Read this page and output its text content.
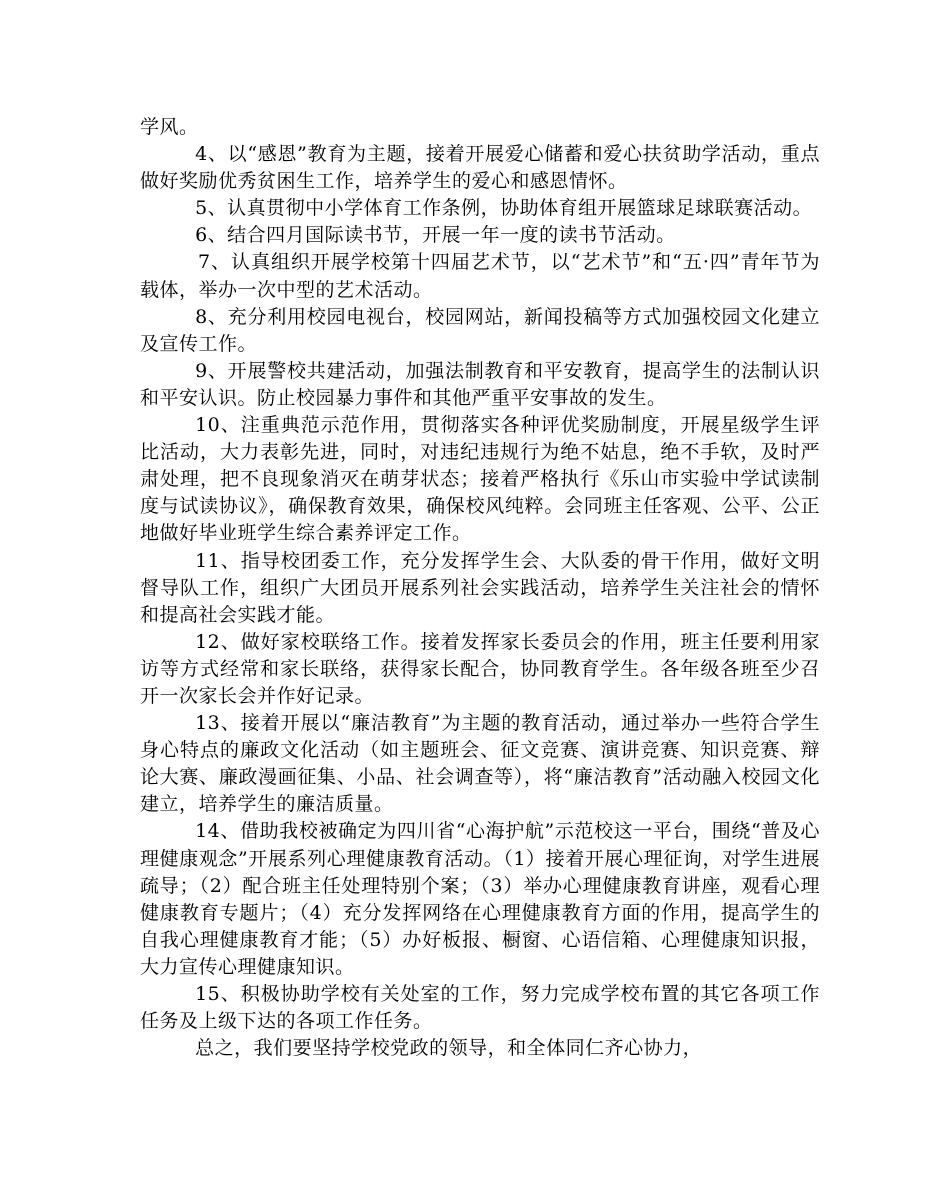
学风。

4、以“感恩”教育为主题，接着开展爱心储蓄和爱心扶贫助学活动，重点做好奖励优秀贫困生工作，培养学生的爱心和感恩情怀。

5、认真贯彻中小学体育工作条例，协助体育组开展篮球足球联赛活动。

6、结合四月国际读书节，开展一年一度的读书节活动。

7、认真组织开展学校第十四届艺术节，以“艺术节”和“五·四”青年节为载体，举办一次中型的艺术活动。

8、充分利用校园电视台，校园网站，新闻投稿等方式加强校园文化建立及宣传工作。

9、开展警校共建活动，加强法制教育和平安教育，提高学生的法制认识和平安认识。防止校园暴力事件和其他严重平安事故的发生。

10、注重典范示范作用，贯彻落实各种评优奖励制度，开展星级学生评比活动，大力表彰先进，同时，对违纪违规行为绝不姑息，绝不手软，及时严肃处理，把不良现象消灭在萌芽状态；接着严格执行《乐山市实验中学试读制度与试读协议》，确保教育效果，确保校风纯粹。会同班主任客观、公平、公正地做好毕业班学生综合素养评定工作。

11、指导校团委工作，充分发挥学生会、大队委的骨干作用，做好文明督导队工作，组织广大团员开展系列社会实践活动，培养学生关注社会的情怀和提高社会实践才能。

12、做好家校联络工作。接着发挥家长委员会的作用，班主任要利用家访等方式经常和家长联络，获得家长配合，协同教育学生。各年级各班至少召开一次家长会并作好记录。

13、接着开展以“廉洁教育”为主题的教育活动，通过举办一些符合学生身心特点的廉政文化活动（如主题班会、征文竞赛、演讲竞赛、知识竞赛、辩论大赛、廉政漫画征集、小品、社会调查等），将“廉洁教育”活动融入校园文化建立，培养学生的廉洁质量。

14、借助我校被确定为四川省“心海护航”示范校这一平台，围绕“普及心理健康观念”开展系列心理健康教育活动。（1）接着开展心理征询，对学生进展疏导；（2）配合班主任处理特别个案；（3）举办心理健康教育讲座，观看心理健康教育专题片；（4）充分发挥网络在心理健康教育方面的作用，提高学生的自我心理健康教育才能；（5）办好板报、橱窗、心语信箱、心理健康知识报，大力宣传心理健康知识。

15、积极协助学校有关处室的工作，努力完成学校布置的其它各项工作任务及上级下达的各项工作任务。

总之，我们要坚持学校党政的领导，和全体同仁齐心协力，
